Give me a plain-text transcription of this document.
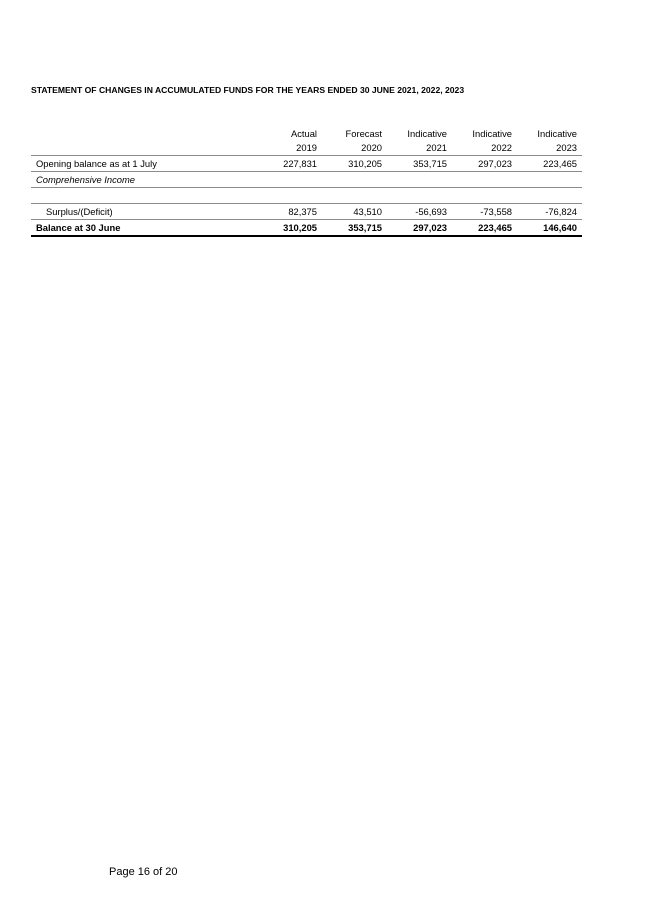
STATEMENT OF CHANGES IN ACCUMULATED FUNDS FOR THE YEARS ENDED 30 JUNE 2021, 2022, 2023
	Actual	Forecast	Indicative	Indicative	Indicative
	2019	2020	2021	2022	2023
Opening balance as at 1 July	227,831	310,205	353,715	297,023	223,465
Comprehensive Income					

Surplus/(Deficit)	82,375	43,510	-56,693	-73,558	-76,824
Balance at 30 June	310,205	353,715	297,023	223,465	146,640
Page 16 of 20
